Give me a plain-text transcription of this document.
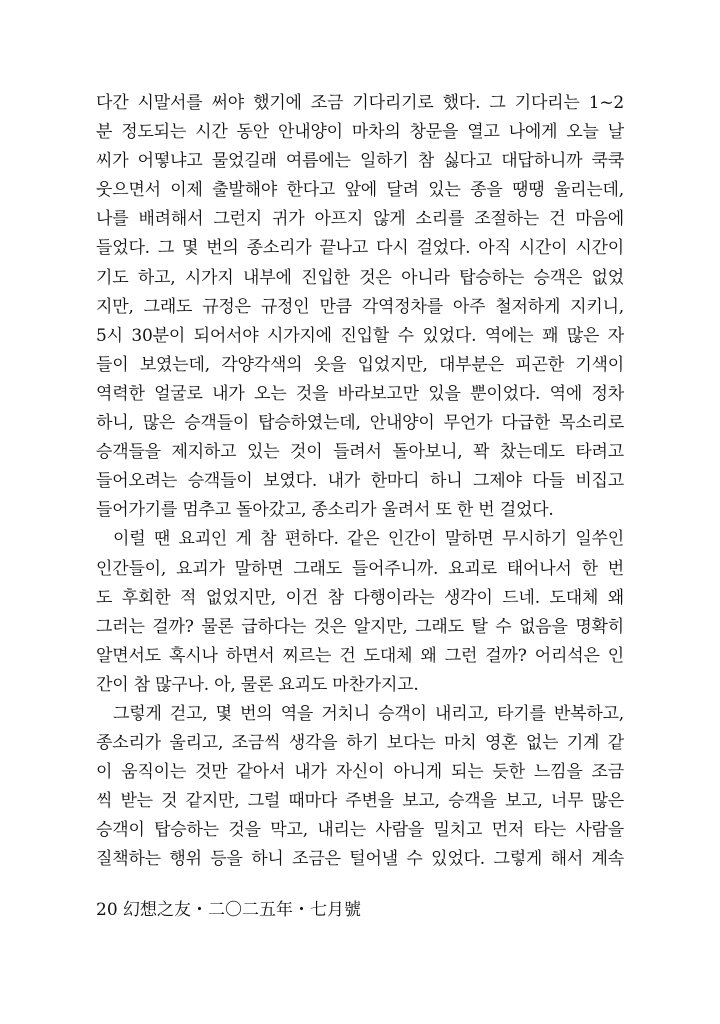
다간 시말서를 써야 했기에 조금 기다리기로 했다. 그 기다리는 1~2
분 정도되는 시간 동안 안내양이 마차의 창문을 열고 나에게 오늘 날
씨가 어떻냐고 물었길래 여름에는 일하기 참 싫다고 대답하니까 쿡쿡
웃으면서 이제 출발해야 한다고 앞에 달려 있는 종을 땡땡 울리는데,
나를 배려해서 그런지 귀가 아프지 않게 소리를 조절하는 건 마음에
들었다. 그 몇 번의 종소리가 끝나고 다시 걸었다. 아직 시간이 시간이
기도 하고, 시가지 내부에 진입한 것은 아니라 탑승하는 승객은 없었
지만, 그래도 규정은 규정인 만큼 각역정차를 아주 철저하게 지키니,
5시 30분이 되어서야 시가지에 진입할 수 있었다. 역에는 꽤 많은 자
들이 보였는데, 각양각색의 옷을 입었지만, 대부분은 피곤한 기색이
역력한 얼굴로 내가 오는 것을 바라보고만 있을 뿐이었다. 역에 정차
하니, 많은 승객들이 탑승하였는데, 안내양이 무언가 다급한 목소리로
승객들을 제지하고 있는 것이 들려서 돌아보니, 꽉 찼는데도 타려고
들어오려는 승객들이 보였다. 내가 한마디 하니 그제야 다들 비집고
들어가기를 멈추고 돌아갔고, 종소리가 울려서 또 한 번 걸었다.
이럴 땐 요괴인 게 참 편하다. 같은 인간이 말하면 무시하기 일쑤인
인간들이, 요괴가 말하면 그래도 들어주니까. 요괴로 태어나서 한 번
도 후회한 적 없었지만, 이건 참 다행이라는 생각이 드네. 도대체 왜
그러는 걸까? 물론 급하다는 것은 알지만, 그래도 탈 수 없음을 명확히
알면서도 혹시나 하면서 찌르는 건 도대체 왜 그런 걸까? 어리석은 인
간이 참 많구나. 아, 물론 요괴도 마찬가지고.
그렇게 걷고, 몇 번의 역을 거치니 승객이 내리고, 타기를 반복하고,
종소리가 울리고, 조금씩 생각을 하기 보다는 마치 영혼 없는 기계 같
이 움직이는 것만 같아서 내가 자신이 아니게 되는 듯한 느낌을 조금
씩 받는 것 같지만, 그럴 때마다 주변을 보고, 승객을 보고, 너무 많은
승객이 탑승하는 것을 막고, 내리는 사람을 밀치고 먼저 타는 사람을
질책하는 행위 등을 하니 조금은 털어낼 수 있었다. 그렇게 해서 계속
20 幻想之友・二〇二五年・七月號
